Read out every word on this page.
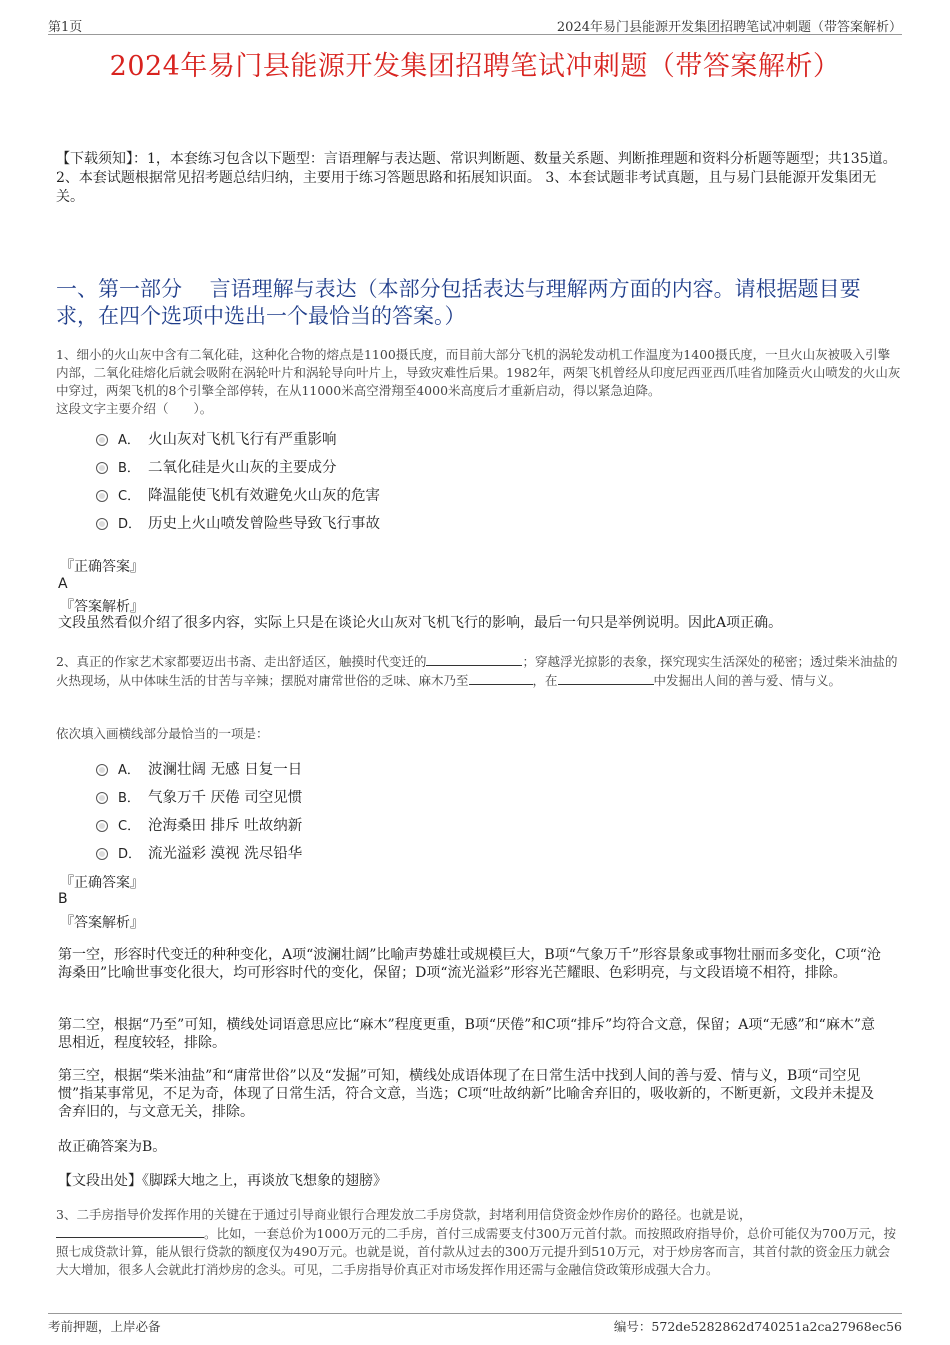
第1页	2024年易门县能源开发集团招聘笔试冲刺题（带答案解析）
2024年易门县能源开发集团招聘笔试冲刺题（带答案解析）
【下载须知】：1，本套练习包含以下题型：言语理解与表达题、常识判断题、数量关系题、判断推理题和资料分析题等题型；共135道。 2、本套试题根据常见招考题总结归纳，主要用于练习答题思路和拓展知识面。 3、本套试题非考试真题，且与易门县能源开发集团无关。
一、第一部分　 言语理解与表达（本部分包括表达与理解两方面的内容。请根据题目要求，在四个选项中选出一个最恰当的答案。）
1、细小的火山灰中含有二氧化硅，这种化合物的熔点是1100摄氏度，而目前大部分飞机的涡轮发动机工作温度为1400摄氏度，一旦火山灰被吸入引擎内部，二氧化硅熔化后就会吸附在涡轮叶片和涡轮导向叶片上，导致灾难性后果。1982年，两架飞机曾经从印度尼西亚西爪哇省加隆贡火山喷发的火山灰中穿过，两架飞机的8个引擎全部停转，在从11000米高空滑翔至4000米高度后才重新启动，得以紧急迫降。
这段文字主要介绍（　　）。
A． 火山灰对飞机飞行有严重影响
B． 二氧化硅是火山灰的主要成分
C． 降温能使飞机有效避免火山灰的危害
D． 历史上火山喷发曾险些导致飞行事故
『正确答案』
A
『答案解析』
文段虽然看似介绍了很多内容，实际上只是在谈论火山灰对飞机飞行的影响，最后一句只是举例说明。因此A项正确。
2、真正的作家艺术家都要迈出书斋、走出舒适区，触摸时代变迁的	；穿越浮光掠影的表象，探究现实生活深处的秘密；透过柴米油盐的火热现场，从中体味生活的甘苦与辛辣；摆脱对庸常世俗的乏味、麻木乃至	，在	中发掘出人间的善与爱、情与义。
依次填入画横线部分最恰当的一项是：
A． 波澜壮阔 无感 日复一日
B． 气象万千 厌倦 司空见惯
C． 沧海桑田 排斥 吐故纳新
D． 流光溢彩 漠视 洗尽铅华
『正确答案』
B
『答案解析』
第一空，形容时代变迁的种种变化，A项“波澜壮阔”比喻声势雄壮或规模巨大，B项“气象万千”形容景象或事物壮丽而多变化，C项“沧海桑田”比喻世事变化很大，均可形容时代的变化，保留；D项“流光溢彩”形容光芒耀眼、色彩明亮，与文段语境不相符，排除。
第二空，根据“乃至”可知，横线处词语意思应比“麻木”程度更重，B项“厌倦”和C项“排斥”均符合文意，保留；A项“无感”和“麻木”意思相近，程度较轻，排除。
第三空，根据“柴米油盐”和“庸常世俗”以及“发掘”可知，横线处成语体现了在日常生活中找到人间的善与爱、情与义，B项“司空见惯”指某事常见，不足为奇，体现了日常生活，符合文意，当选；C项“吐故纳新”比喻舍弃旧的，吸收新的，不断更新，文段并未提及舍弃旧的，与文意无关，排除。
故正确答案为B。
【文段出处】《脚踩大地之上，再谈放飞想象的翅膀》
3、二手房指导价发挥作用的关键在于通过引导商业银行合理发放二手房贷款，封堵利用信贷资金炒作房价的路径。也就是说，
。比如，一套总价为1000万元的二手房，首付三成需要支付300万元首付款。而按照政府指导价，总价可能仅为700万元，按照七成贷款计算，能从银行贷款的额度仅为490万元。也就是说，首付款从过去的300万元提升到510万元，对于炒房客而言，其首付款的资金压力就会大大增加，很多人会就此打消炒房的念头。可见，二手房指导价真正对市场发挥作用还需与金融信贷政策形成强大合力。
考前押题，上岸必备	编号：572de5282862d740251a2ca27968ec56
